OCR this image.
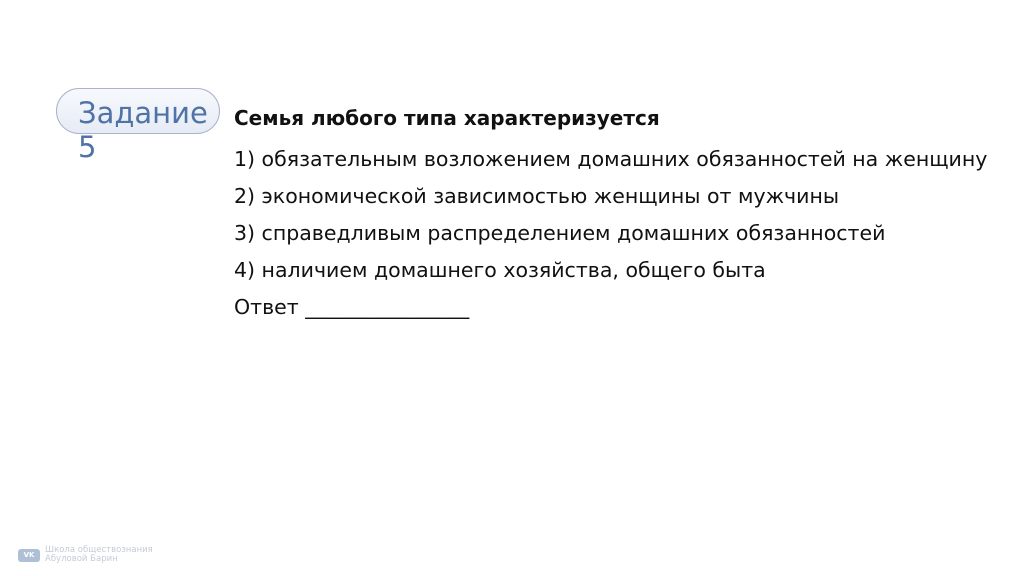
Задание
5

Семья любого типа характеризуется

1) обязательным возложением домашних обязанностей на женщину

2) экономической зависимостью женщины от мужчины

3) справедливым распределением домашних обязанностей

4) наличием домашнего хозяйства, общего быта

Ответ ________________

VK	Школа обществознания
Абуловой Барин
